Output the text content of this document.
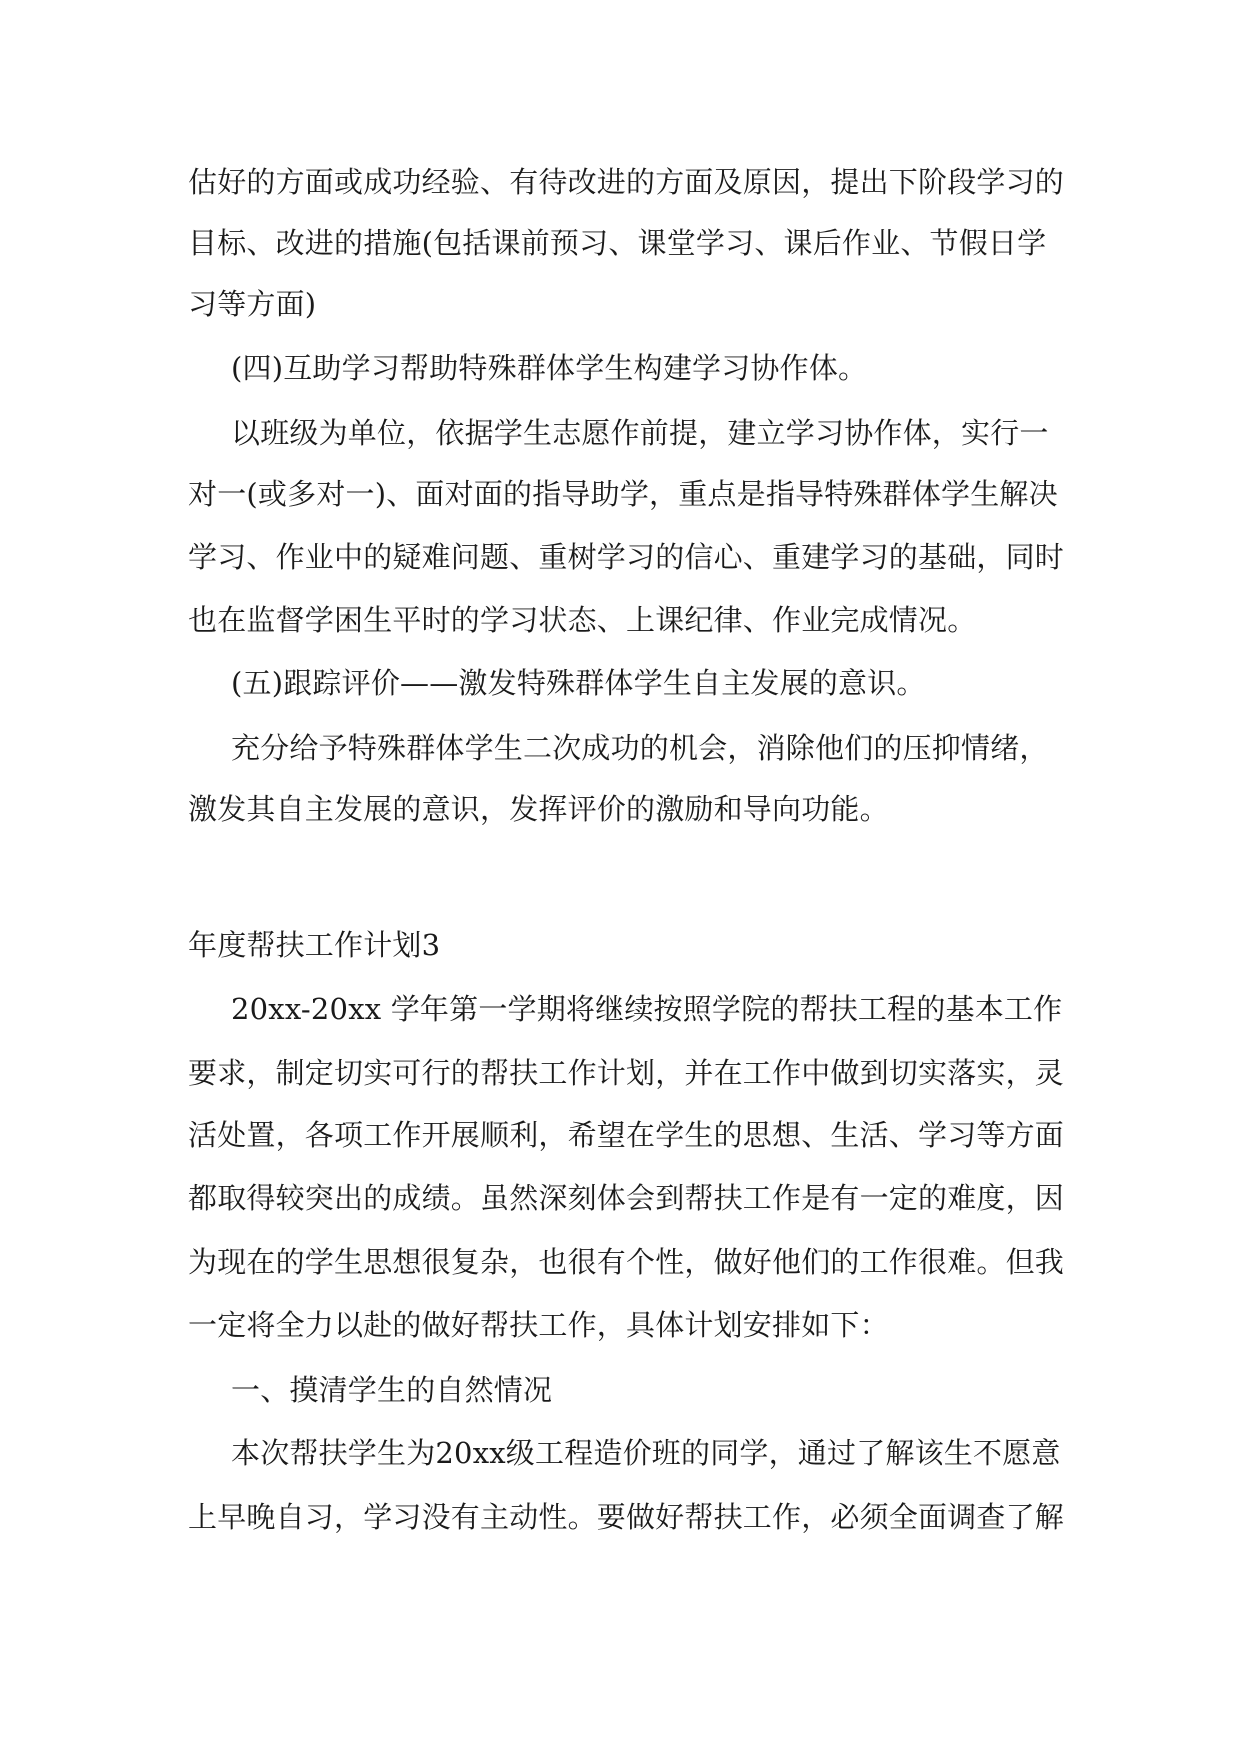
估好的方面或成功经验、有待改进的方面及原因，提出下阶段学习的
目标、改进的措施(包括课前预习、课堂学习、课后作业、节假日学
习等方面)
(四)互助学习帮助特殊群体学生构建学习协作体。
以班级为单位，依据学生志愿作前提，建立学习协作体，实行一
对一(或多对一)、面对面的指导助学，重点是指导特殊群体学生解决
学习、作业中的疑难问题、重树学习的信心、重建学习的基础，同时
也在监督学困生平时的学习状态、上课纪律、作业完成情况。
(五)跟踪评价——激发特殊群体学生自主发展的意识。
充分给予特殊群体学生二次成功的机会，消除他们的压抑情绪，
激发其自主发展的意识，发挥评价的激励和导向功能。
年度帮扶工作计划3
20xx-20xx 学年第一学期将继续按照学院的帮扶工程的基本工作
要求，制定切实可行的帮扶工作计划，并在工作中做到切实落实，灵
活处置，各项工作开展顺利，希望在学生的思想、生活、学习等方面
都取得较突出的成绩。虽然深刻体会到帮扶工作是有一定的难度，因
为现在的学生思想很复杂，也很有个性，做好他们的工作很难。但我
一定将全力以赴的做好帮扶工作，具体计划安排如下：
一、摸清学生的自然情况
本次帮扶学生为20xx级工程造价班的同学，通过了解该生不愿意
上早晚自习，学习没有主动性。要做好帮扶工作，必须全面调查了解
